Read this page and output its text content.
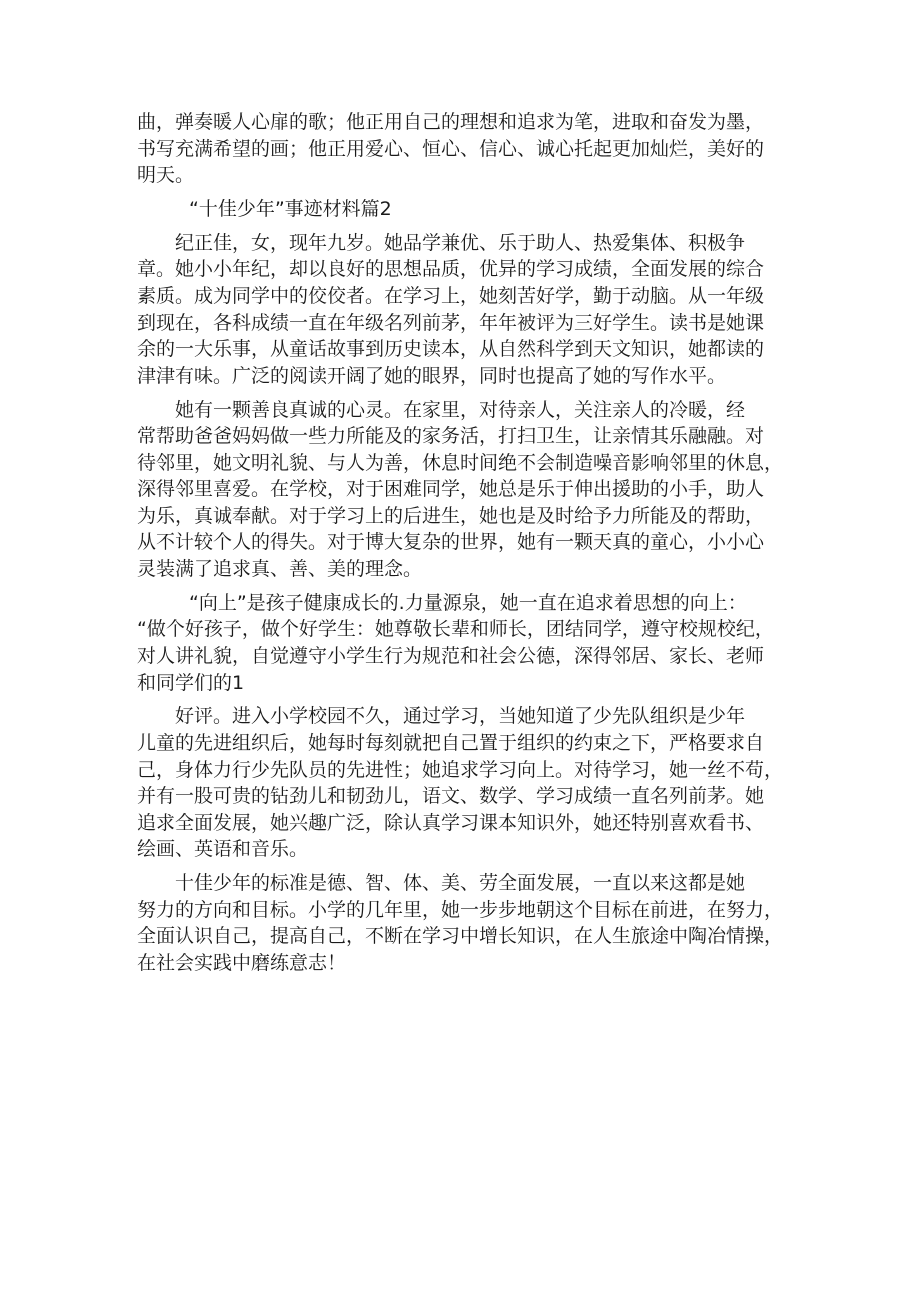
曲，弹奏暖人心扉的歌；他正用自己的理想和追求为笔，进取和奋发为墨，
书写充满希望的画；他正用爱心、恒心、信心、诚心托起更加灿烂，美好的
明天。
“十佳少年”事迹材料篇2
纪正佳，女，现年九岁。她品学兼优、乐于助人、热爱集体、积极争
章。她小小年纪，却以良好的思想品质，优异的学习成绩，全面发展的综合
素质。成为同学中的佼佼者。在学习上，她刻苦好学，勤于动脑。从一年级
到现在，各科成绩一直在年级名列前茅，年年被评为三好学生。读书是她课
余的一大乐事，从童话故事到历史读本，从自然科学到天文知识，她都读的
津津有味。广泛的阅读开阔了她的眼界，同时也提高了她的写作水平。
她有一颗善良真诚的心灵。在家里，对待亲人，关注亲人的冷暖，经
常帮助爸爸妈妈做一些力所能及的家务活，打扫卫生，让亲情其乐融融。对
待邻里，她文明礼貌、与人为善，休息时间绝不会制造噪音影响邻里的休息，
深得邻里喜爱。在学校，对于困难同学，她总是乐于伸出援助的小手，助人
为乐，真诚奉献。对于学习上的后进生，她也是及时给予力所能及的帮助，
从不计较个人的得失。对于博大复杂的世界，她有一颗天真的童心，小小心
灵装满了追求真、善、美的理念。
“向上”是孩子健康成长的.力量源泉，她一直在追求着思想的向上：
“做个好孩子，做个好学生：她尊敬长辈和师长，团结同学，遵守校规校纪，
对人讲礼貌，自觉遵守小学生行为规范和社会公德，深得邻居、家长、老师
和同学们的1
好评。进入小学校园不久，通过学习，当她知道了少先队组织是少年
儿童的先进组织后，她每时每刻就把自己置于组织的约束之下，严格要求自
己，身体力行少先队员的先进性；她追求学习向上。对待学习，她一丝不苟，
并有一股可贵的钻劲儿和韧劲儿，语文、数学、学习成绩一直名列前茅。她
追求全面发展，她兴趣广泛，除认真学习课本知识外，她还特别喜欢看书、
绘画、英语和音乐。
十佳少年的标准是德、智、体、美、劳全面发展，一直以来这都是她
努力的方向和目标。小学的几年里，她一步步地朝这个目标在前进，在努力，
全面认识自己，提高自己，不断在学习中增长知识，在人生旅途中陶冶情操，
在社会实践中磨练意志！
